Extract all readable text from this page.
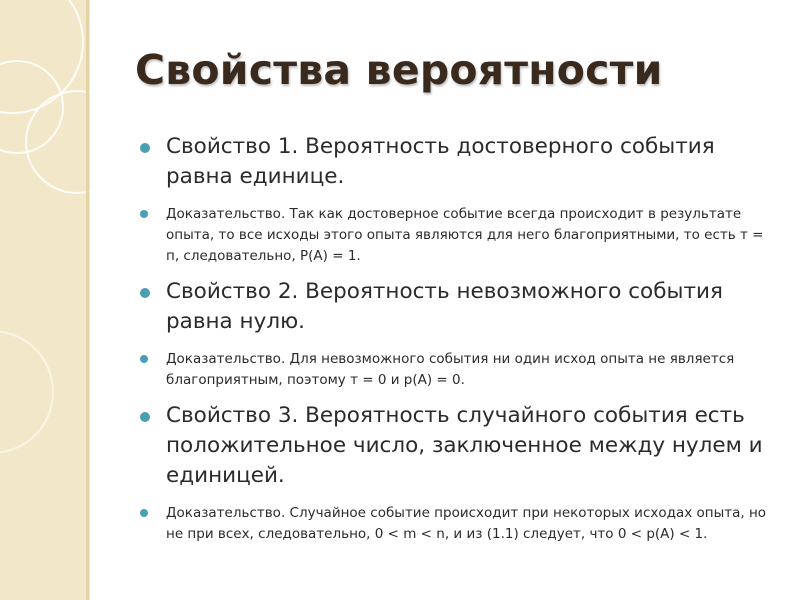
Свойства вероятности
Свойство 1. Вероятность достоверного события равна единице.
Доказательство. Так как достоверное событие всегда происходит в результате опыта, то все исходы этого опыта являются для него благоприятными, то есть т = п, следовательно, Р(А) = 1.
Свойство 2. Вероятность невозможного события равна нулю.
Доказательство. Для невозможного события ни один исход опыта не является благоприятным, поэтому т = 0 и р(А) = 0.
Свойство 3. Вероятность случайного события есть положительное число, заключенное между нулем и единицей.
Доказательство. Случайное событие происходит при некоторых исходах опыта, но не при всех, следовательно, 0 < m < n, и из (1.1) следует, что 0 < р(А) < 1.
